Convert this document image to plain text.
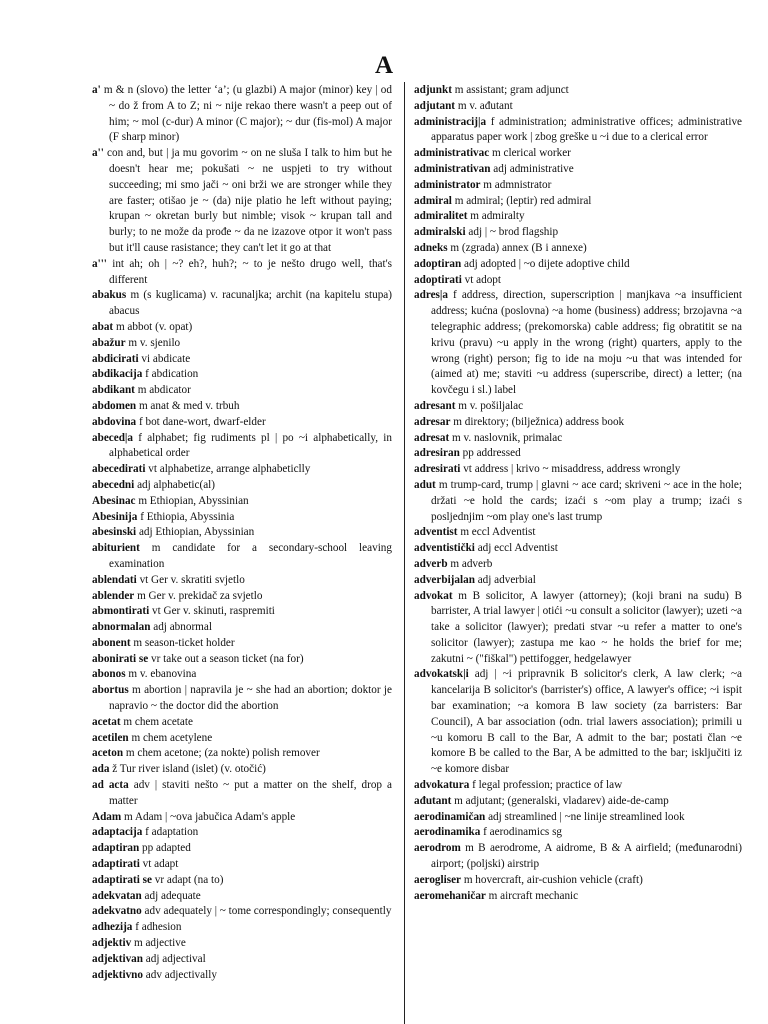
A

a' m & n (slovo) the letter ‘a’; (u glazbi) A major (minor) key | od ~ do ž from A to Z; ni ~ nije rekao there wasn't a peep out of him; ~ mol (c-dur) A minor (C major); ~ dur (fis-mol) A major (F sharp minor)

a'' con and, but | ja mu govorim ~ on ne sluša I talk to him but he doesn't hear me; pokušati ~ ne uspjeti to try without succeeding; mi smo jači ~ oni brži we are stronger while they are faster; otišao je ~ (da) nije platio he left without paying; krupan ~ okretan burly but nimble; visok ~ krupan tall and burly; to ne može da prođe ~ da ne izazove otpor it won't pass but it'll cause rasistance; they can't let it go at that

a''' int ah; oh | ~? eh?, huh?; ~ to je nešto drugo well, that's different

abakus m (s kuglicama) v. racunaljka; archit (na kapitelu stupa) abacus

abat m abbot (v. opat)

abažur m v. sjenilo

abdicirati vi abdicate

abdikacija f abdication

abdikant m abdicator

abdomen m anat & med v. trbuh

abdovina f bot dane-wort, dwarf-elder

abeced|a f alphabet; fig rudiments pl | po ~i alphabetically, in alphabetical order

abecedirati vt alphabetize, arrange alphabeticlly

abecedni adj alphabetic(al)

Abesinac m Ethiopian, Abyssinian

Abesinija f Ethiopia, Abyssinia

abesinski adj Ethiopian, Abyssinian

abiturient m candidate for a secondary-school leaving examination

ablendati vt Ger v. skratiti svjetlo

ablender m Ger v. prekidač za svjetlo

abmontirati vt Ger v. skinuti, rasprem​iti

abnormalan adj abnormal

abonent m season-ticket holder

abonirati se vr take out a season ticket (na for)

abonos m v. ebanovina

abortus m abortion | napravila je ~ she had an abortion; doktor je napravio ~ the doctor did the abortion

acetat m chem acetate

acetilen m chem acetylene

aceton m chem acetone; (za nokte) polish remover

ada ž Tur river island (islet) (v. otočić)

ad acta adv | staviti nešto ~ put a matter on the shelf, drop a matter

Adam m Adam | ~ova jabučica Adam's apple

adaptacija f adaptation

adaptiran pp adapted

adaptirati vt adapt

adaptirati se vr adapt (na to)

adekvatan adj adequate

adekvatno adv adequately | ~ tome correspondingly; consequently

adhezija f adhesion

adjektiv m adjective

adjektivan adj adjectival

adjektivno adv adjectivally

adjunkt m assistant; gram adjunct

adjutant m v. ađutant

administracij|a f administration; administrative offices; administrative apparatus paper work | zbog greške u ~i due to a clerical error

administrativac m clerical worker

administrativan adj administrative

administrator m admnistrator

admiral m admiral; (leptir) red admiral

admiralitet m admiralty

admiralski adj | ~ brod flagship

adneks m (zgrada) annex (B i annexe)

adoptiran adj adopted | ~o dijete adoptive child

adoptirati vt adopt

adres|a f address, direction, superscription | manjkava ~a insufficient address; kućna (poslovna) ~a home (business) address; brzojavna ~a telegraphic address; (prekomorska) cable address; fig obratitit se na krivu (pravu) ~u apply in the wrong (right) quarters, apply to the wrong (right) person; fig to ide na moju ~u that was intended for (aimed at) me; staviti ~u address (superscribe, direct) a letter; (na kovčegu i sl.) label

adresant m v. pošiljalac

adresar m direktory; (bilježnica) address book

adresat m v. naslovnik, primalac

adresiran pp addressed

adresirati vt address | krivo ~ misaddress, address wrongly

adut m trump-card, trump | glavni ~ ace card; skriveni ~ ace in the hole; držati ~e hold the cards; izaći s ~om play a trump; izaći s posljednjim ~om play one's last trump

adventist m eccl Adventist

adventistički adj eccl Adventist

adverb m adverb

adverbijalan adj adverbial

advokat m B solicitor, A lawyer (attorney); (koji brani na sudu) B barrister, A trial lawyer | otići ~u consult a solicitor (lawyer); uzeti ~a take a solicitor (lawyer); predati stvar ~u refer a matter to one's solicitor (lawyer); zastupa me kao ~ he holds the brief for me; zakutni ~ ("fiškal") pettifogger, hedgelawyer

advokatsk|i adj | ~i pripravnik B solicitor's clerk, A law clerk; ~a kancelarija B solicitor's (barrister's) office, A lawyer's office; ~i ispit bar examination; ~a komora B law society (za barristers: Bar Council), A bar association (odn. trial lawers association); primili u ~u komoru B call to the Bar, A admit to the bar; postati član ~e komore B be called to the Bar, A be admitted to the bar; isključiti iz ~e komore disbar

advokatura f legal profession; practice of law

ađutant m adjutant; (generalski, vladarev) aide-de-camp

aerodinamičan adj streamlined | ~ne linije streamlined look

aerodinamika f aerodinamics sg

aerodrom m B aerodrome, A aidrome, B & A airfield; (međunarodni) airport; (poljski) airstrip

aerogliser m hovercraft, air-cushion vehicle (craft)

aeromehaničar m aircraft mechanic
